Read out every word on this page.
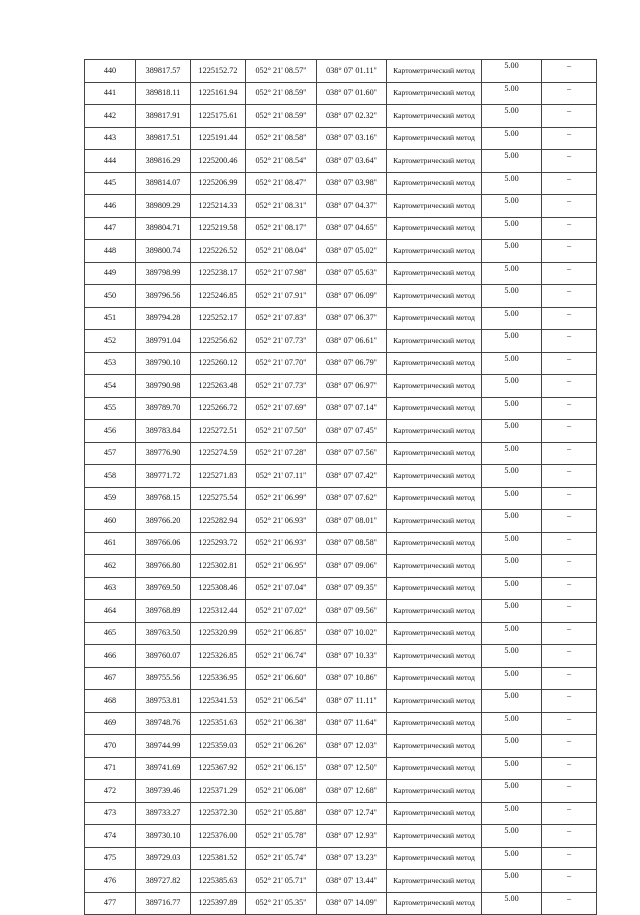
440	389817.57	1225152.72	052° 21' 08.57"	038° 07' 01.11"	Картометрический метод	5.00	–
441	389818.11	1225161.94	052° 21' 08.59"	038° 07' 01.60"	Картометрический метод	5.00	–
442	389817.91	1225175.61	052° 21' 08.59"	038° 07' 02.32"	Картометрический метод	5.00	–
443	389817.51	1225191.44	052° 21' 08.58"	038° 07' 03.16"	Картометрический метод	5.00	–
444	389816.29	1225200.46	052° 21' 08.54"	038° 07' 03.64"	Картометрический метод	5.00	–
445	389814.07	1225206.99	052° 21' 08.47"	038° 07' 03.98"	Картометрический метод	5.00	–
446	389809.29	1225214.33	052° 21' 08.31"	038° 07' 04.37"	Картометрический метод	5.00	–
447	389804.71	1225219.58	052° 21' 08.17"	038° 07' 04.65"	Картометрический метод	5.00	–
448	389800.74	1225226.52	052° 21' 08.04"	038° 07' 05.02"	Картометрический метод	5.00	–
449	389798.99	1225238.17	052° 21' 07.98"	038° 07' 05.63"	Картометрический метод	5.00	–
450	389796.56	1225246.85	052° 21' 07.91"	038° 07' 06.09"	Картометрический метод	5.00	–
451	389794.28	1225252.17	052° 21' 07.83"	038° 07' 06.37"	Картометрический метод	5.00	–
452	389791.04	1225256.62	052° 21' 07.73"	038° 07' 06.61"	Картометрический метод	5.00	–
453	389790.10	1225260.12	052° 21' 07.70"	038° 07' 06.79"	Картометрический метод	5.00	–
454	389790.98	1225263.48	052° 21' 07.73"	038° 07' 06.97"	Картометрический метод	5.00	–
455	389789.70	1225266.72	052° 21' 07.69"	038° 07' 07.14"	Картометрический метод	5.00	–
456	389783.84	1225272.51	052° 21' 07.50"	038° 07' 07.45"	Картометрический метод	5.00	–
457	389776.90	1225274.59	052° 21' 07.28"	038° 07' 07.56"	Картометрический метод	5.00	–
458	389771.72	1225271.83	052° 21' 07.11"	038° 07' 07.42"	Картометрический метод	5.00	–
459	389768.15	1225275.54	052° 21' 06.99"	038° 07' 07.62"	Картометрический метод	5.00	–
460	389766.20	1225282.94	052° 21' 06.93"	038° 07' 08.01"	Картометрический метод	5.00	–
461	389766.06	1225293.72	052° 21' 06.93"	038° 07' 08.58"	Картометрический метод	5.00	–
462	389766.80	1225302.81	052° 21' 06.95"	038° 07' 09.06"	Картометрический метод	5.00	–
463	389769.50	1225308.46	052° 21' 07.04"	038° 07' 09.35"	Картометрический метод	5.00	–
464	389768.89	1225312.44	052° 21' 07.02"	038° 07' 09.56"	Картометрический метод	5.00	–
465	389763.50	1225320.99	052° 21' 06.85"	038° 07' 10.02"	Картометрический метод	5.00	–
466	389760.07	1225326.85	052° 21' 06.74"	038° 07' 10.33"	Картометрический метод	5.00	–
467	389755.56	1225336.95	052° 21' 06.60"	038° 07' 10.86"	Картометрический метод	5.00	–
468	389753.81	1225341.53	052° 21' 06.54"	038° 07' 11.11"	Картометрический метод	5.00	–
469	389748.76	1225351.63	052° 21' 06.38"	038° 07' 11.64"	Картометрический метод	5.00	–
470	389744.99	1225359.03	052° 21' 06.26"	038° 07' 12.03"	Картометрический метод	5.00	–
471	389741.69	1225367.92	052° 21' 06.15"	038° 07' 12.50"	Картометрический метод	5.00	–
472	389739.46	1225371.29	052° 21' 06.08"	038° 07' 12.68"	Картометрический метод	5.00	–
473	389733.27	1225372.30	052° 21' 05.88"	038° 07' 12.74"	Картометрический метод	5.00	–
474	389730.10	1225376.00	052° 21' 05.78"	038° 07' 12.93"	Картометрический метод	5.00	–
475	389729.03	1225381.52	052° 21' 05.74"	038° 07' 13.23"	Картометрический метод	5.00	–
476	389727.82	1225385.63	052° 21' 05.71"	038° 07' 13.44"	Картометрический метод	5.00	–
477	389716.77	1225397.89	052° 21' 05.35"	038° 07' 14.09"	Картометрический метод	5.00	–
